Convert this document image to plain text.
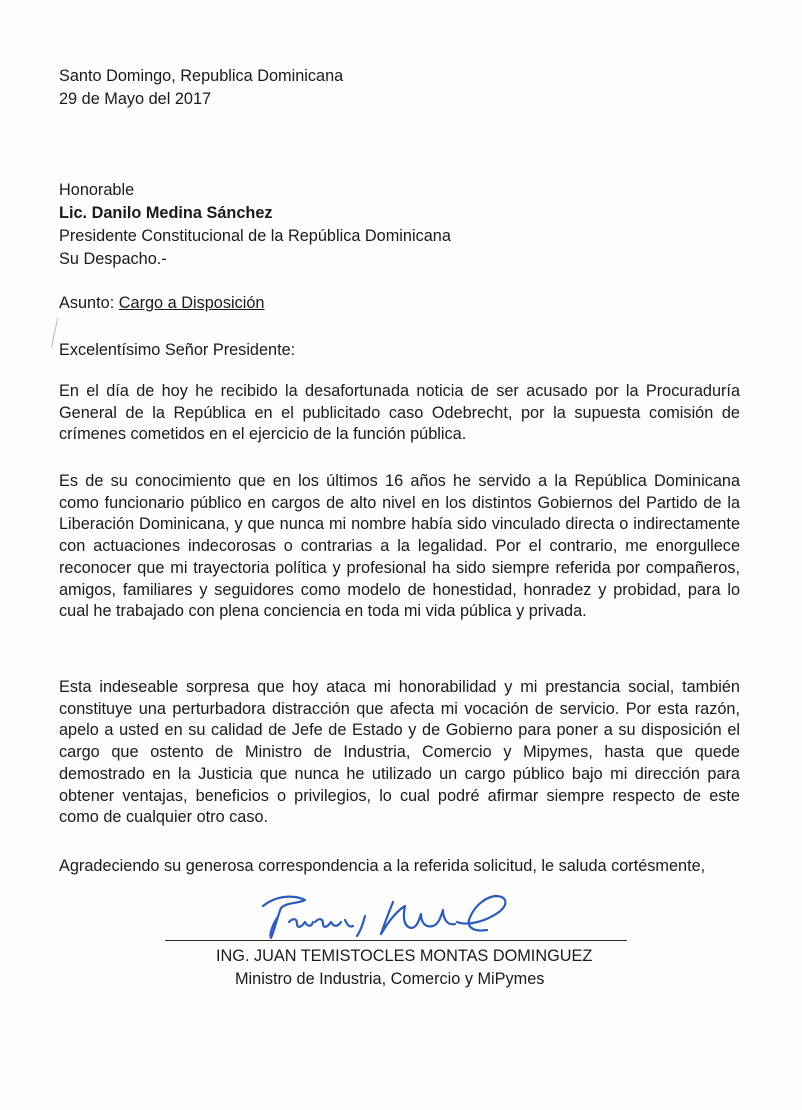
Santo Domingo, Republica Dominicana
29 de Mayo del 2017
Honorable
Lic. Danilo Medina Sánchez
Presidente Constitucional de la República Dominicana
Su Despacho.-
Asunto: Cargo a Disposición
Excelentísimo Señor Presidente:
En el día de hoy he recibido la desafortunada noticia de ser acusado por la Procuraduría General de la República en el publicitado caso Odebrecht, por la supuesta comisión de crímenes cometidos en el ejercicio de la función pública.
Es de su conocimiento que en los últimos 16 años he servido a la República Dominicana como funcionario público en cargos de alto nivel en los distintos Gobiernos del Partido de la Liberación Dominicana, y que nunca mi nombre había sido vinculado directa o indirectamente con actuaciones indecorosas o contrarias a la legalidad. Por el contrario, me enorgullece reconocer que mi trayectoria política y profesional ha sido siempre referida por compañeros, amigos, familiares y seguidores como modelo de honestidad, honradez y probidad, para lo cual he trabajado con plena conciencia en toda mi vida pública y privada.
Esta indeseable sorpresa que hoy ataca mi honorabilidad y mi prestancia social, también constituye una perturbadora distracción que afecta mi vocación de servicio. Por esta razón, apelo a usted en su calidad de Jefe de Estado y de Gobierno para poner a su disposición el cargo que ostento de Ministro de Industria, Comercio y Mipymes, hasta que quede demostrado en la Justicia que nunca he utilizado un cargo público bajo mi dirección para obtener ventajas, beneficios o privilegios, lo cual podré afirmar siempre respecto de este como de cualquier otro caso.
Agradeciendo su generosa correspondencia a la referida solicitud, le saluda cortésmente,
ING. JUAN TEMISTOCLES MONTAS DOMINGUEZ
Ministro de Industria, Comercio y MiPymes
